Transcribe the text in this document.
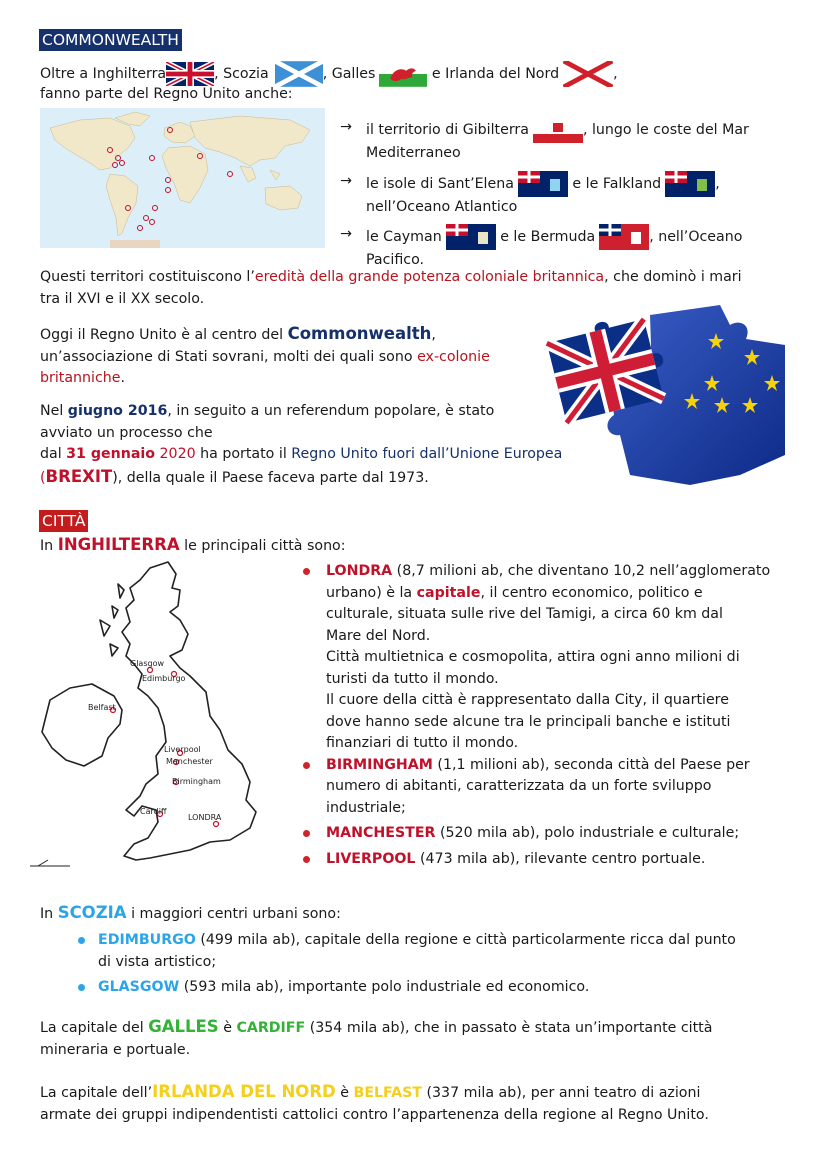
COMMONWEALTH
Oltre a Inghilterra	, Scozia	, Galles	e Irlanda del Nord	,
fanno parte del Regno Unito anche:
→ il territorio di Gibilterra	, lungo le coste del Mar
Mediterraneo
→ le isole di Sant’Elena	e le Falkland	,
nell’Oceano Atlantico
→ le Cayman	e le Bermuda	, nell’Oceano
Pacifico.
Questi territori costituiscono l’eredità della grande potenza coloniale britannica, che dominò i mari
tra il XVI e il XX secolo.
Oggi il Regno Unito è al centro del Commonwealth,
un’associazione di Stati sovrani, molti dei quali sono ex-colonie
britanniche.
Nel giugno 2016, in seguito a un referendum popolare, è stato
avviato un processo che
dal 31 gennaio 2020 ha portato il Regno Unito fuori dall’Unione Europea
(BREXIT), della quale il Paese faceva parte dal 1973.
CITTÀ
In INGHILTERRA le principali città sono:
Glasgow
Edimburgo
Belfast
Liverpool
Manchester
Birmingham
Cardiff
LONDRA
LONDRA (8,7 milioni ab, che diventano 10,2 nell’agglomerato
urbano) è la capitale, il centro economico, politico e
culturale, situata sulle rive del Tamigi, a circa 60 km dal
Mare del Nord.
Città multietnica e cosmopolita, attira ogni anno milioni di
turisti da tutto il mondo.
Il cuore della città è rappresentato dalla City, il quartiere
dove hanno sede alcune tra le principali banche e istituti
finanziari di tutto il mondo.
BIRMINGHAM (1,1 milioni ab), seconda città del Paese per
numero di abitanti, caratterizzata da un forte sviluppo
industriale;
MANCHESTER (520 mila ab), polo industriale e culturale;
LIVERPOOL (473 mila ab), rilevante centro portuale.
In SCOZIA i maggiori centri urbani sono:
EDIMBURGO (499 mila ab), capitale della regione e città particolarmente ricca dal punto
di vista artistico;
GLASGOW (593 mila ab), importante polo industriale ed economico.
La capitale del GALLES è CARDIFF (354 mila ab), che in passato è stata un’importante città
mineraria e portuale.
La capitale dell’IRLANDA DEL NORD è BELFAST (337 mila ab), per anni teatro di azioni
armate dei gruppi indipendentisti cattolici contro l’appartenenza della regione al Regno Unito.
